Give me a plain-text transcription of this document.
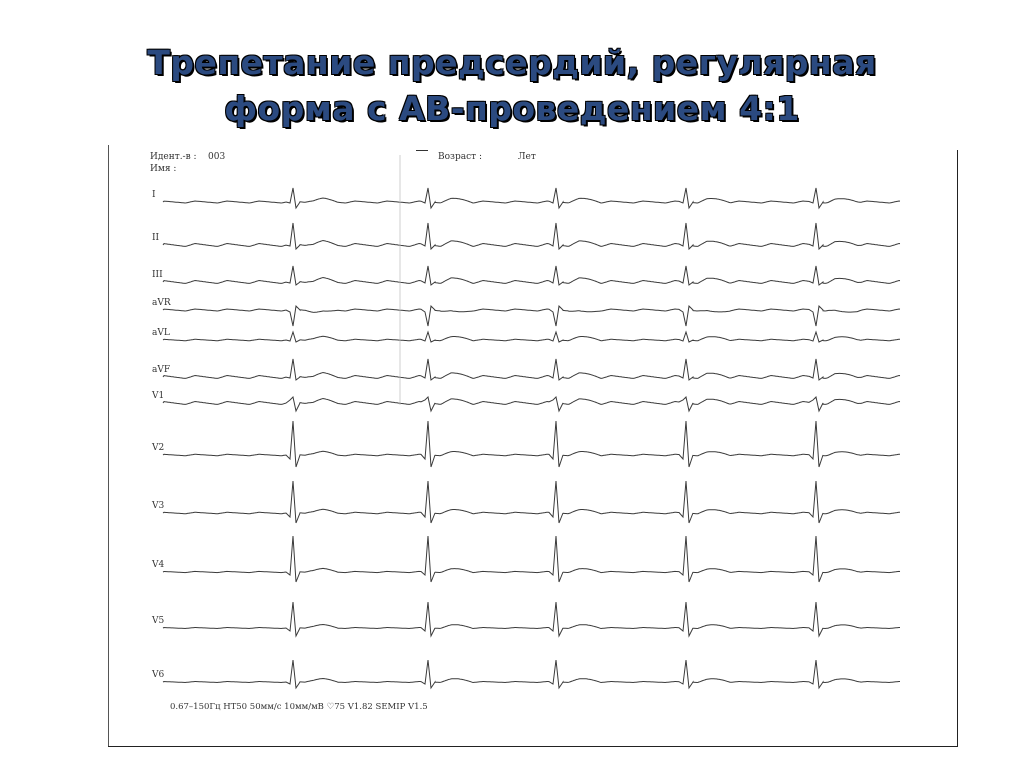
Трепетание предсердий, регулярная
форма с АВ-проведением 4:1
Идент.-в : 003
Имя :
Возраст :	Лет
I
II
III
aVR
aVL
aVF
V1
V2
V3
V4
V5
V6
0.67–150Гц НТ50 50мм/с 10мм/мВ ♡75 V1.82 SEMIP V1.5
